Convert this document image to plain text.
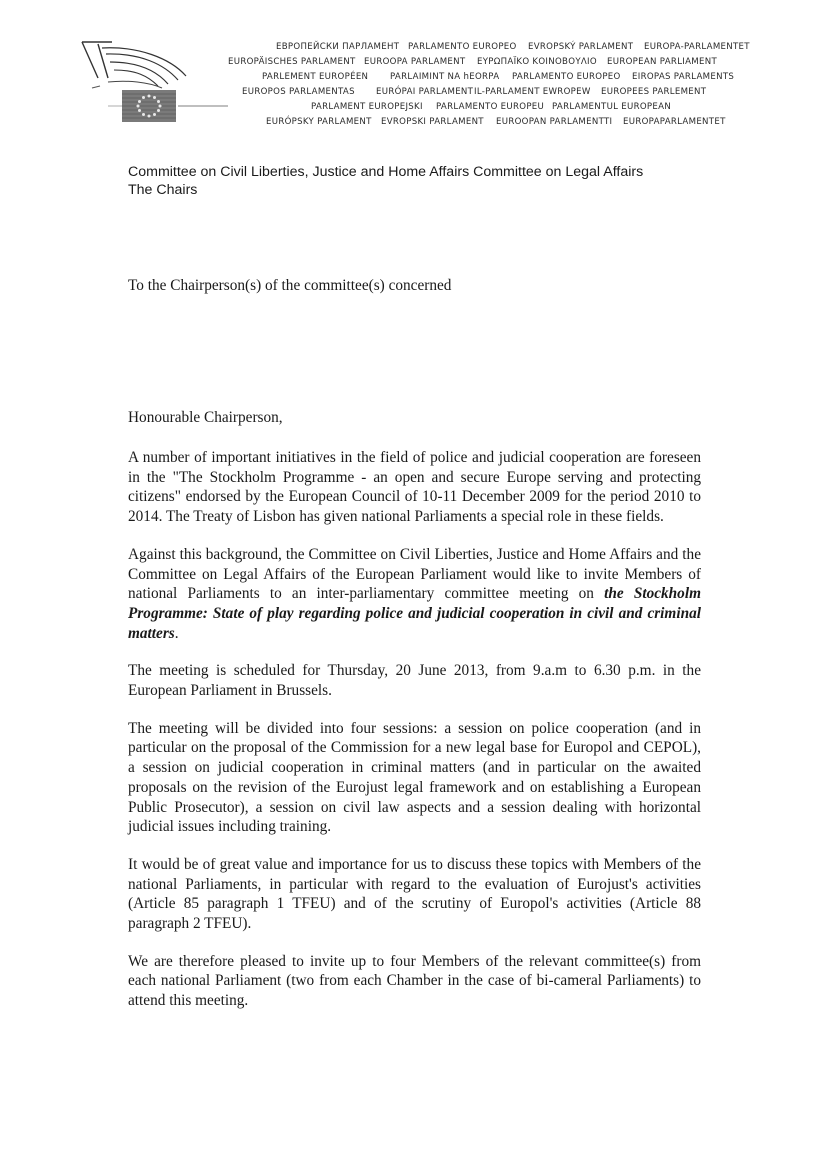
ЕВРОПЕЙСКИ ПАРЛАМЕНТ PARLAMENTO EUROPEO EVROPSKÝ PARLAMENT EUROPA-PARLAMENTET
EUROPÄISCHES PARLAMENT EUROOPA PARLAMENT ΕΥΡΩΠΑΪΚΟ ΚΟΙΝΟΒΟΥΛΙΟ EUROPEAN PARLIAMENT
PARLEMENT EUROPÉEN	PARLAIMINT NA hEORPA PARLAMENTO EUROPEO EIROPAS PARLAMENTS
EUROPOS PARLAMENTAS EURÓPAI PARLAMENT IL-PARLAMENT EWROPEW EUROPEES PARLEMENT
PARLAMENT EUROPEJSKI PARLAMENTO EUROPEU PARLAMENTUL EUROPEAN
EURÓPSKY PARLAMENT EVROPSKI PARLAMENT EUROOPAN PARLAMENTTI EUROPAPARLAMENTET
Committee on Civil Liberties, Justice and Home Affairs Committee on Legal Affairs
The Chairs
To the Chairperson(s) of the committee(s) concerned
Honourable Chairperson,

A number of important initiatives in the field of police and judicial cooperation are foreseen in the "The Stockholm Programme - an open and secure Europe serving and protecting citizens" endorsed by the European Council of 10-11 December 2009 for the period 2010 to 2014. The Treaty of Lisbon has given national Parliaments a special role in these fields.

Against this background, the Committee on Civil Liberties, Justice and Home Affairs and the Committee on Legal Affairs of the European Parliament would like to invite Members of national Parliaments to an inter-parliamentary committee meeting on the Stockholm Programme: State of play regarding police and judicial cooperation in civil and criminal matters.

The meeting is scheduled for Thursday, 20 June 2013, from 9.a.m to 6.30 p.m. in the European Parliament in Brussels.

The meeting will be divided into four sessions: a session on police cooperation (and in particular on the proposal of the Commission for a new legal base for Europol and CEPOL), a session on judicial cooperation in criminal matters (and in particular on the awaited proposals on the revision of the Eurojust legal framework and on establishing a European Public Prosecutor), a session on civil law aspects and a session dealing with horizontal judicial issues including training.

It would be of great value and importance for us to discuss these topics with Members of the national Parliaments, in particular with regard to the evaluation of Eurojust's activities (Article 85 paragraph 1 TFEU) and of the scrutiny of Europol's activities (Article 88 paragraph 2 TFEU).

We are therefore pleased to invite up to four Members of the relevant committee(s) from each national Parliament (two from each Chamber in the case of bi-cameral Parliaments) to attend this meeting.
